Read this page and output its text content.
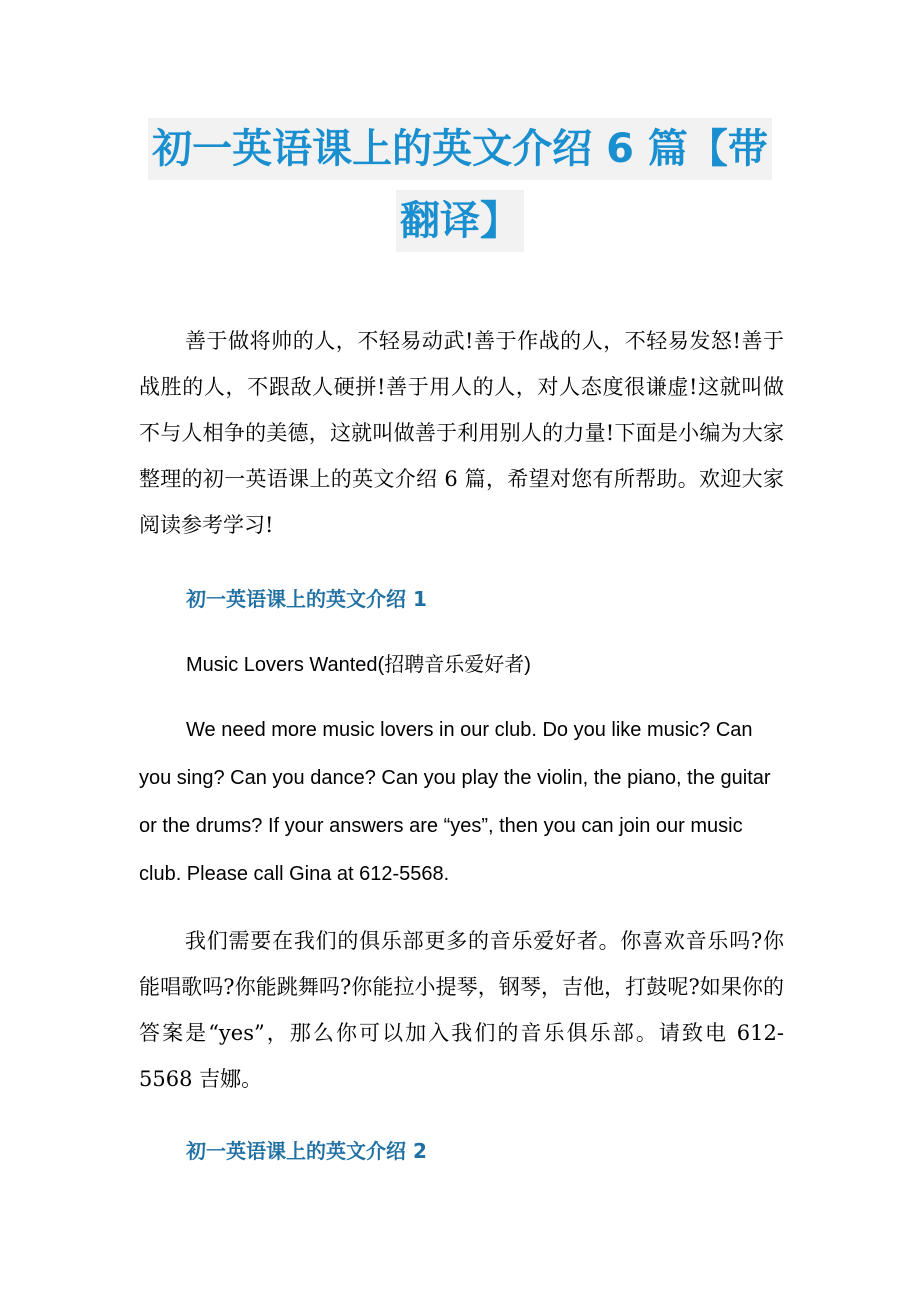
初一英语课上的英文介绍 6 篇【带
翻译】

善于做将帅的人，不轻易动武!善于作战的人，不轻易发怒!善于战胜的人，不跟敌人硬拼!善于用人的人，对人态度很谦虚!这就叫做不与人相争的美德，这就叫做善于利用别人的力量!下面是小编为大家整理的初一英语课上的英文介绍 6 篇，希望对您有所帮助。欢迎大家阅读参考学习!

初一英语课上的英文介绍 1

Music Lovers Wanted(招聘音乐爱好者)

We need more music lovers in our club. Do you like music? Can you sing? Can you dance? Can you play the violin, the piano, the guitar or the drums? If your answers are “yes”, then you can join our music club. Please call Gina at 612-5568.

我们需要在我们的俱乐部更多的音乐爱好者。你喜欢音乐吗?你能唱歌吗?你能跳舞吗?你能拉小提琴，钢琴，吉他，打鼓呢?如果你的答案是“yes”，那么你可以加入我们的音乐俱乐部。请致电 612-5568 吉娜。

初一英语课上的英文介绍 2
